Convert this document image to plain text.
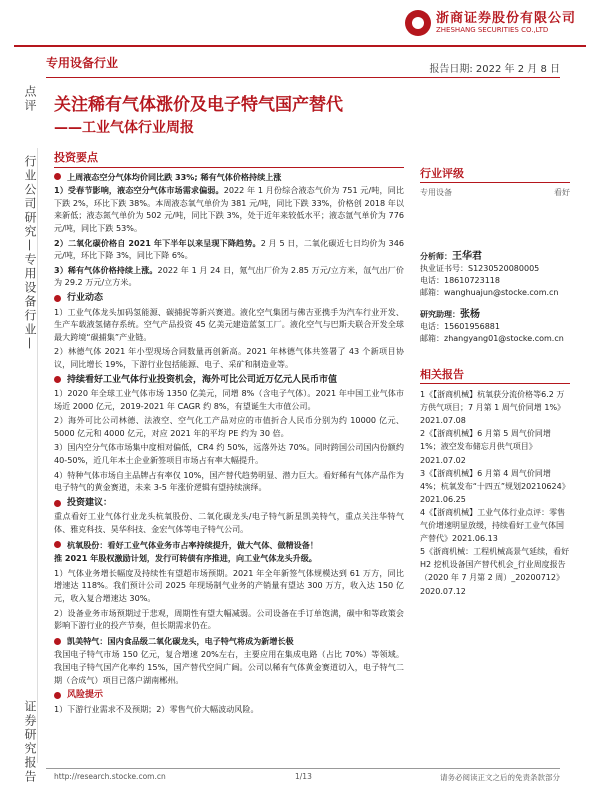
浙商证券股份有限公司
ZHESHANG SECURITIES CO.,LTD
专用设备行业	报告日期: 2022 年 2 月 8 日
点评
行业公司研究—专用设备行业—
证券研究报告
关注稀有气体涨价及电子特气国产替代
——工业气体行业周报
投资要点
上周液态空分气体均价同比跌 33%; 稀有气体价格持续上涨

1）受春节影响，液态空分气体市场需求偏弱。2022 年 1 月份综合液态气价为 751 元/吨，同比下跌 2%，环比下跌 38%。本周液态氧气单价为 381 元/吨，同比下跌 33%，价格创 2018 年以来新低；液态氮气单价为 502 元/吨，同比下跌 3%，处于近年来较低水平；液态氩气单价为 776 元/吨，同比下跌 53%。

2）二氧化碳价格自 2021 年下半年以来呈现下降趋势。2 月 5 日，二氧化碳近七日均价为 346 元/吨，环比下降 3%，同比下降 6%。

3）稀有气体价格持续上涨。2022 年 1 月 24 日，氪气出厂价为 2.85 万元/立方米，氙气出厂价为 29.2 万元/立方米。

行业动态

1）工业气体龙头加码氢能源、碳捕捉等新兴赛道。液化空气集团与佛吉亚携手为汽车行业开发、生产车载液氢储存系统。空气产品投资 45 亿美元建造蓝氢工厂。液化空气与巴斯夫联合开发全球最大跨境“碳捕集”产业链。

2）林德气体 2021 年小型现场合同数量再创新高。2021 年林德气体共签署了 43 个新项目协议，同比增长 19%，下游行业包括能源、电子、采矿和制造业等。

持续看好工业气体行业投资机会，海外可比公司近万亿元人民币市值

1）2020 年全球工业气体市场 1350 亿美元，同增 8%（含电子气体）。2021 年中国工业气体市场近 2000 亿元，2019-2021 年 CAGR 约 8%，有望诞生大市值公司。

2）海外可比公司林德、法液空、空气化工产品对应的市值折合人民币分别为约 10000 亿元、5000 亿元和 4000 亿元，对应 2021 年的平均 PE 约为 30 倍。

3）国内空分气体市场集中度相对偏低，CR4 约 50%，远落外达 70%。同时跨国公司国内份额约 40-50%，近几年本土企业新签项目市场占有率大幅提升。

4）特种气体市场自主品牌占有率仅 10%，国产替代趋势明显、潜力巨大。看好稀有气体产品作为电子特气的黄金赛道，未来 3-5 年涨价逻辑有望持续演绎。

投资建议：

重点看好工业气体行业龙头杭氧股份、二氧化碳龙头/电子特气新星凯美特气，重点关注华特气体、雅克科技、昊华科技、金宏气体等电子特气公司。

杭氧股份：看好工业气体业务市占率持续提升，做大气体、做精设备！

推 2021 年股权激励计划，发行可转债有序推进，向工业气体龙头升级。

1）气体业务增长幅度及持续性有望超市场预期。2021 年全年新签气体规模达到 61 万方，同比增速达 118%。我们预计公司 2025 年现场制气业务的产销量有望达 300 万方，收入达 150 亿元，收入复合增速达 30%。

2）设备业务市场预期过于悲观，周期性有望大幅减弱。公司设备在手订单饱满，碳中和等政策会影响下游行业的投产节奏，但长期需求仍在。

凯美特气：国内食品级二氧化碳龙头，电子特气将成为新增长极

我国电子特气市场 150 亿元，复合增速 20%左右，主要应用在集成电路（占比 70%）等领域。我国电子特气国产化率约 15%，国产替代空间广阔。公司以稀有气体黄金赛道切入，电子特气二期（合成气）项目已落户湖南郴州。

风险提示

1）下游行业需求不及预期；2）零售气价大幅波动风险。

行业评级
专用设备	看好
分析师：王华君
执业证书号：S1230520080005
电话：18610723118
邮箱：wanghuajun@stocke.com.cn
研究助理：张杨
电话：15601956881
邮箱：zhangyang01@stocke.com.cn
相关报告
1《【浙商机械】杭氧获分流价格等6.2 万方供气项目；7 月第 1 周气价同增 1%》2021.07.08
2《【浙商机械】6 月第 5 周气价同增1%；液空发布储忘月供气项目》2021.07.02
3《【浙商机械】6 月第 4 周气价同增4%；杭氧发布“十四五”规划20210624》2021.06.25
4《【浙商机械】工业气体行业点评：零售气价增速明显放缓，持续看好工业气体国产替代》2021.06.13
5《浙商机械：工程机械高景气延续，看好 H2 挖机设备国产替代机会_行业周度报告（2020 年 7 月第 2 周）_20200712》2020.07.12
http://research.stocke.com.cn	1/13	请务必阅读正文之后的免责条款部分
